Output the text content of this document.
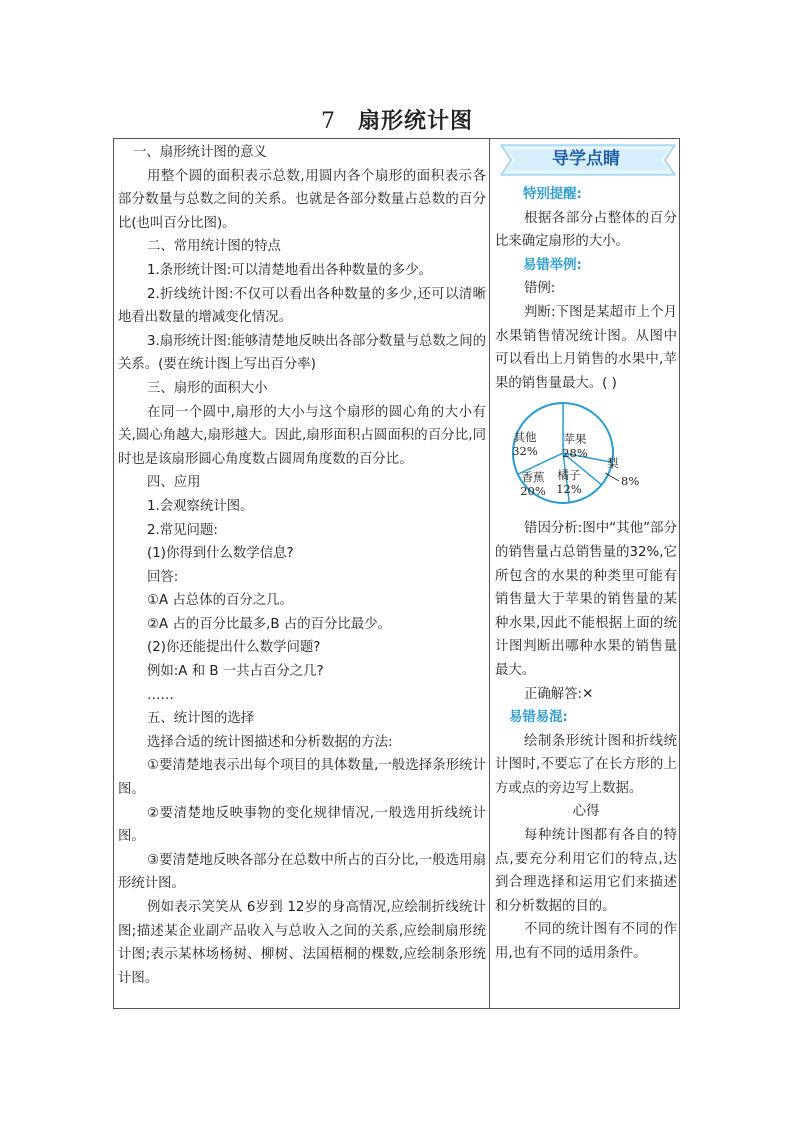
7 扇形统计图

一、扇形统计图的意义

用整个圆的面积表示总数,用圆内各个扇形的面积表示各部分数量与总数之间的关系。也就是各部分数量占总数的百分比(也叫百分比图)。

二、常用统计图的特点

1.条形统计图:可以清楚地看出各种数量的多少。

2.折线统计图:不仅可以看出各种数量的多少,还可以清晰地看出数量的增减变化情况。

3.扇形统计图:能够清楚地反映出各部分数量与总数之间的关系。(要在统计图上写出百分率)

三、扇形的面积大小

在同一个圆中,扇形的大小与这个扇形的圆心角的大小有关,圆心角越大,扇形越大。因此,扇形面积占圆面积的百分比,同时也是该扇形圆心角度数占圆周角度数的百分比。

四、应用

1.会观察统计图。

2.常见问题:

(1)你得到什么数学信息?

回答:

①A 占总体的百分之几。

②A 占的百分比最多,B 占的百分比最少。

(2)你还能提出什么数学问题?

例如:A 和 B 一共占百分之几?

……

五、统计图的选择

选择合适的统计图描述和分析数据的方法:

①要清楚地表示出每个项目的具体数量,一般选择条形统计图。

②要清楚地反映事物的变化规律情况,一般选用折线统计图。

③要清楚地反映各部分在总数中所占的百分比,一般选用扇形统计图。

例如表示笑笑从 6岁到 12岁的身高情况,应绘制折线统计图;描述某企业副产品收入与总收入之间的关系,应绘制扇形统计图;表示某林场杨树、柳树、法国梧桐的棵数,应绘制条形统计图。

导学点睛

特别提醒:

根据各部分占整体的百分比来确定扇形的大小。

易错举例:

错例:

判断:下图是某超市上个月水果销售情况统计图。从图中可以看出上月销售的水果中,苹果的销售量最大。( )

苹果
28%
梨
8%
橘子
12%
香蕉
20%
其他
32%

错因分析:图中“其他”部分的销售量占总销售量的32%,它所包含的水果的种类里可能有销售量大于苹果的销售量的某种水果,因此不能根据上面的统计图判断出哪种水果的销售量最大。

正确解答:✕

易错易混:

绘制条形统计图和折线统计图时,不要忘了在长方形的上方或点的旁边写上数据。

心得

每种统计图都有各自的特点,要充分利用它们的特点,达到合理选择和运用它们来描述和分析数据的目的。

不同的统计图有不同的作用,也有不同的适用条件。
